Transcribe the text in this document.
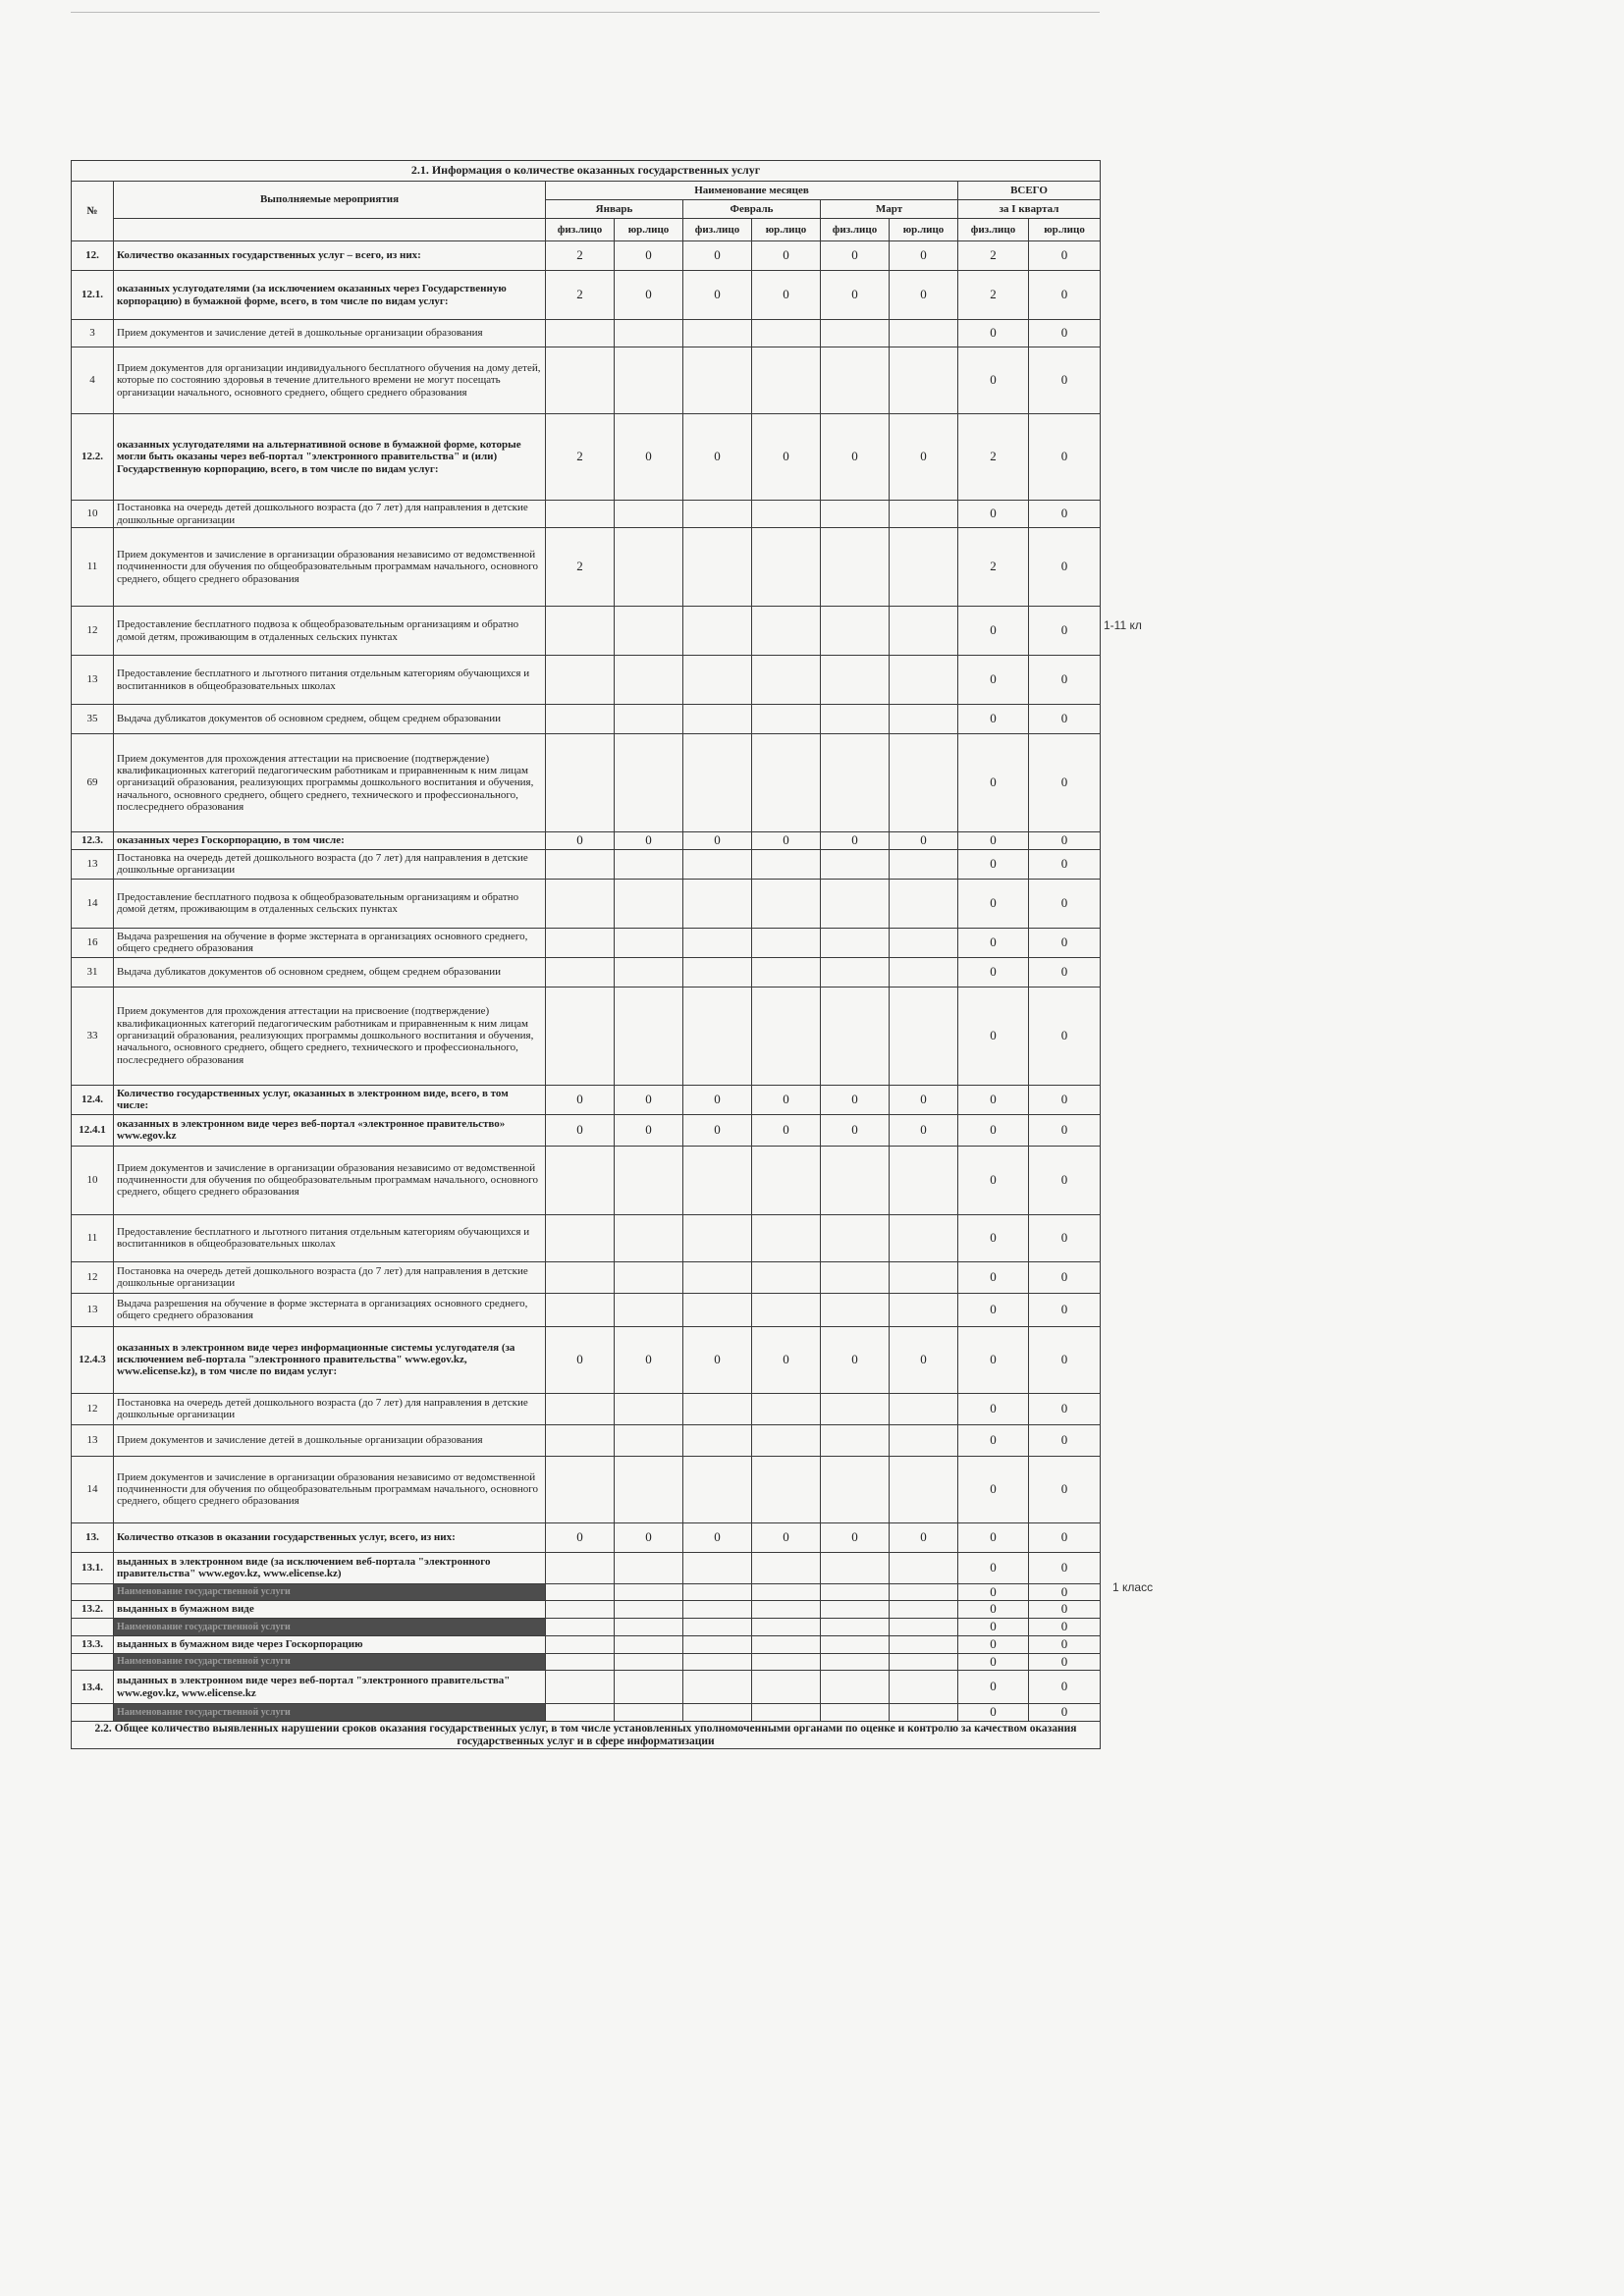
2.1. Информация о количестве оказанных государственных услуг									
№	Выполняемые мероприятия	Наименование месяцев						ВСЕГО	
		Январь		Февраль		Март		за I квартал	
		физ.лицо	юр.лицо	физ.лицо	юр.лицо	физ.лицо	юр.лицо	физ.лицо	юр.лицо
12.	Количество оказанных государственных услуг – всего, из них:	2	0	0	0	0	0	2	0
12.1.	оказанных услугодателями (за исключением оказанных через Государственную корпорацию) в бумажной форме, всего, в том числе по видам услуг:	2	0	0	0	0	0	2	0
3	Прием документов и зачисление детей в дошкольные организации образования							0	0
4	Прием документов для организации индивидуального бесплатного обучения на дому детей, которые по состоянию здоровья в течение длительного времени не могут посещать организации начального, основного среднего, общего среднего образования							0	0
12.2.	оказанных услугодателями на альтернативной основе в бумажной форме, которые могли быть оказаны через веб-портал "электронного правительства" и (или) Государственную корпорацию, всего, в том числе по видам услуг:	2	0	0	0	0	0	2	0
10	Постановка на очередь детей дошкольного возраста (до 7 лет) для направления в детские дошкольные организации							0	0
11	Прием документов и зачисление в организации образования независимо от ведомственной подчиненности для обучения по общеобразовательным программам начального, основного среднего, общего среднего образования	2						2	0
12	Предоставление бесплатного подвоза к общеобразовательным организациям и обратно домой детям, проживающим в отдаленных сельских пунктах							0	0
13	Предоставление бесплатного и льготного питания отдельным категориям обучающихся и воспитанников в общеобразовательных школах							0	0
35	Выдача дубликатов документов об основном среднем, общем среднем образовании							0	0
69	Прием документов для прохождения аттестации на присвоение (подтверждение) квалификационных категорий педагогическим работникам и приравненным к ним лицам организаций образования, реализующих программы дошкольного воспитания и обучения, начального, основного среднего, общего среднего, технического и профессионального, послесреднего образования							0	0
12.3.	оказанных через Госкорпорацию, в том числе:	0	0	0	0	0	0	0	0
13	Постановка на очередь детей дошкольного возраста (до 7 лет) для направления в детские дошкольные организации							0	0
14	Предоставление бесплатного подвоза к общеобразовательным организациям и обратно домой детям, проживающим в отдаленных сельских пунктах							0	0
16	Выдача разрешения на обучение в форме экстерната в организациях основного среднего, общего среднего образования							0	0
31	Выдача дубликатов документов об основном среднем, общем среднем образовании							0	0
33	Прием документов для прохождения аттестации на присвоение (подтверждение) квалификационных категорий педагогическим работникам и приравненным к ним лицам организаций образования, реализующих программы дошкольного воспитания и обучения, начального, основного среднего, общего среднего, технического и профессионального, послесреднего образования							0	0
12.4.	Количество государственных услуг, оказанных в электронном виде, всего, в том числе:	0	0	0	0	0	0	0	0
12.4.1	оказанных в электронном виде через веб-портал «электронное правительство» www.egov.kz	0	0	0	0	0	0	0	0
10	Прием документов и зачисление в организации образования независимо от ведомственной подчиненности для обучения по общеобразовательным программам начального, основного среднего, общего среднего образования							0	0
11	Предоставление бесплатного и льготного питания отдельным категориям обучающихся и воспитанников в общеобразовательных школах							0	0
12	Постановка на очередь детей дошкольного возраста (до 7 лет) для направления в детские дошкольные организации							0	0
13	Выдача разрешения на обучение в форме экстерната в организациях основного среднего, общего среднего образования							0	0
12.4.3	оказанных в электронном виде через информационные системы услугодателя (за исключением веб-портала "электронного правительства" www.egov.kz, www.elicense.kz), в том числе по видам услуг:	0	0	0	0	0	0	0	0
12	Постановка на очередь детей дошкольного возраста (до 7 лет) для направления в детские дошкольные организации							0	0
13	Прием документов и зачисление детей в дошкольные организации образования							0	0
14	Прием документов и зачисление в организации образования независимо от ведомственной подчиненности для обучения по общеобразовательным программам начального, основного среднего, общего среднего образования							0	0
13.	Количество отказов в оказании государственных услуг, всего, из них:	0	0	0	0	0	0	0	0
13.1.	выданных в электронном виде (за исключением веб-портала "электронного правительства" www.egov.kz, www.elicense.kz)							0	0
	Наименование государственной услуги							0	0
13.2.	выданных в бумажном виде							0	0
	Наименование государственной услуги							0	0
13.3.	выданных в бумажном виде через Госкорпорацию							0	0
	Наименование государственной услуги							0	0
13.4.	выданных в электронном виде через веб-портал "электронного правительства" www.egov.kz, www.elicense.kz							0	0
	Наименование государственной услуги							0	0
2.2. Общее количество выявленных нарушении сроков оказания государственных услуг, в том числе установленных уполномоченными органами по оценке и контролю за качеством оказания государственных услуг и в сфере информатизации									
1-11 кл
1 класс
